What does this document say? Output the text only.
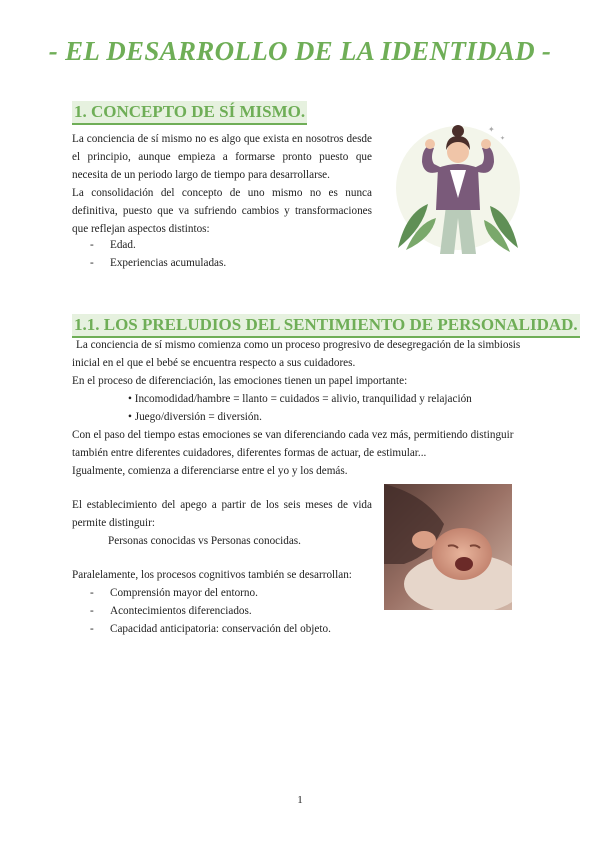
- EL DESARROLLO DE LA IDENTIDAD -
1. CONCEPTO DE SÍ MISMO.
La conciencia de sí mismo no es algo que exista en nosotros desde el principio, aunque empieza a formarse pronto puesto que necesita de un periodo largo de tiempo para desarrollarse.
La consolidación del concepto de uno mismo no es nunca definitiva, puesto que va sufriendo cambios y transformaciones que reflejan aspectos distintos:
- Edad.
- Experiencias acumuladas.
✦
✦
1.1. LOS PRELUDIOS DEL SENTIMIENTO DE PERSONALIDAD.
La conciencia de sí mismo comienza como un proceso progresivo de desegregación de la simbiosis inicial en el que el bebé se encuentra respecto a sus cuidadores.
En el proceso de diferenciación, las emociones tienen un papel importante:
• Incomodidad/hambre = llanto = cuidados = alivio, tranquilidad y relajación
• Juego/diversión = diversión.
Con el paso del tiempo estas emociones se van diferenciando cada vez más, permitiendo distinguir también entre diferentes cuidadores, diferentes formas de actuar, de estimular...
Igualmente, comienza a diferenciarse entre el yo y los demás.
El establecimiento del apego a partir de los seis meses de vida permite distinguir:
Personas conocidas vs Personas conocidas.
Paralelamente, los procesos cognitivos también se desarrollan:
- Comprensión mayor del entorno.
- Acontecimientos diferenciados.
- Capacidad anticipatoria: conservación del objeto.
1
